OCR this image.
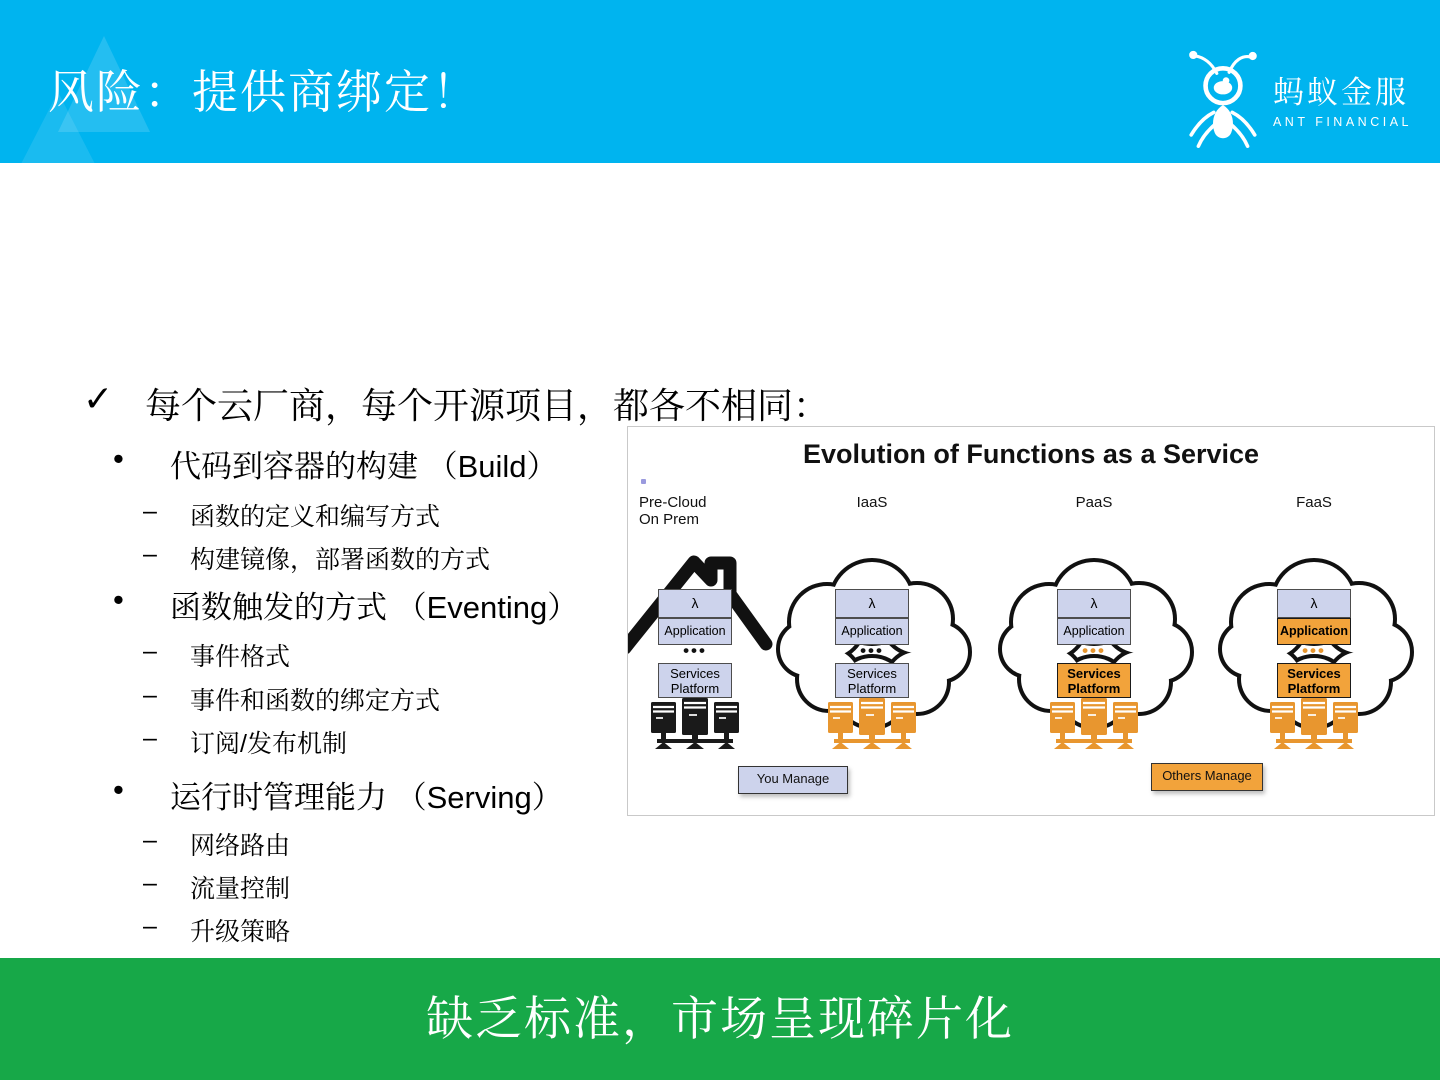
风险：提供商绑定！	蚂蚁金服
ANT FINANCIAL
✓ 每个云厂商，每个开源项目，都各不相同：
• 代码到容器的构建 （Build）
– 函数的定义和编写方式
– 构建镜像，部署函数的方式
• 函数触发的方式 （Eventing）
– 事件格式
– 事件和函数的绑定方式
– 订阅/发布机制
• 运行时管理能力 （Serving）
– 网络路由
– 流量控制
– 升级策略
Evolution of Functions as a Service
Pre-Cloud
On Prem
λ
Application
•••
Services Platform
IaaS
λ
Application
•••
Services Platform
PaaS
λ
Application
•••
Services Platform
FaaS
λ
Application
•••
Services Platform
You Manage	Others Manage
缺乏标准，市场呈现碎片化
